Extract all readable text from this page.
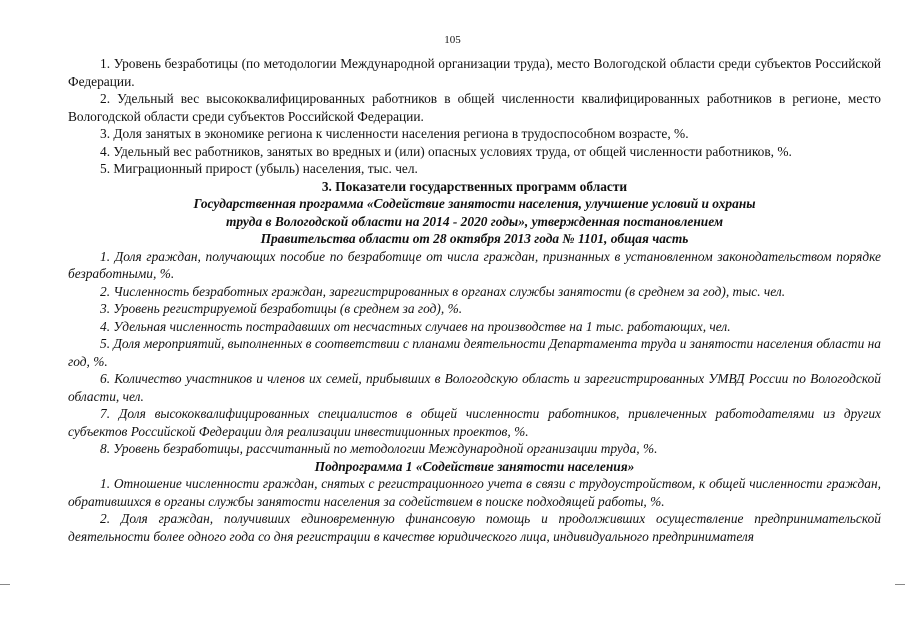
105

1. Уровень безработицы (по методологии Международной организации труда), место Вологодской области среди субъектов Российской Федерации.

2. Удельный вес высококвалифицированных работников в общей численности квалифицированных работников в регионе, место Вологодской области среди субъектов Российской Федерации.

3. Доля занятых в экономике региона к численности населения региона в трудоспособном возрасте, %.

4. Удельный вес работников, занятых во вредных и (или) опасных условиях труда, от общей численности работников, %.

5. Миграционный прирост (убыль) населения, тыс. чел.

3. Показатели государственных программ области

Государственная программа «Содействие занятости населения, улучшение условий и охраны

труда в Вологодской области на 2014 - 2020 годы», утвержденная постановлением

Правительства области от 28 октября 2013 года № 1101, общая часть

1. Доля граждан, получающих пособие по безработице от числа граждан, признанных в установленном законодательством порядке безработными, %.

2. Численность безработных граждан, зарегистрированных в органах службы занятости (в среднем за год), тыс. чел.

3. Уровень регистрируемой безработицы (в среднем за год), %.

4. Удельная численность пострадавших от несчастных случаев на производстве на 1 тыс. работающих, чел.

5. Доля мероприятий, выполненных в соответствии с планами деятельности Департамента труда и занятости населения области на год, %.

6. Количество участников и членов их семей, прибывших в Вологодскую область и зарегистрированных УМВД России по Вологодской области, чел.

7. Доля высококвалифицированных специалистов в общей численности работников, привлеченных работодателями из других субъектов Российской Федерации для реализации инвестиционных проектов, %.

8. Уровень безработицы, рассчитанный по методологии Международной организации труда, %.

Подпрограмма 1 «Содействие занятости населения»

1. Отношение численности граждан, снятых с регистрационного учета в связи с трудоустройством, к общей численности граждан, обратившихся в органы службы занятости населения за содействием в поиске подходящей работы, %.

2. Доля граждан, получивших единовременную финансовую помощь и продолживших осуществление предпринимательской деятельности более одного года со дня регистрации в качестве юридического лица, индивидуального предпринимателя
